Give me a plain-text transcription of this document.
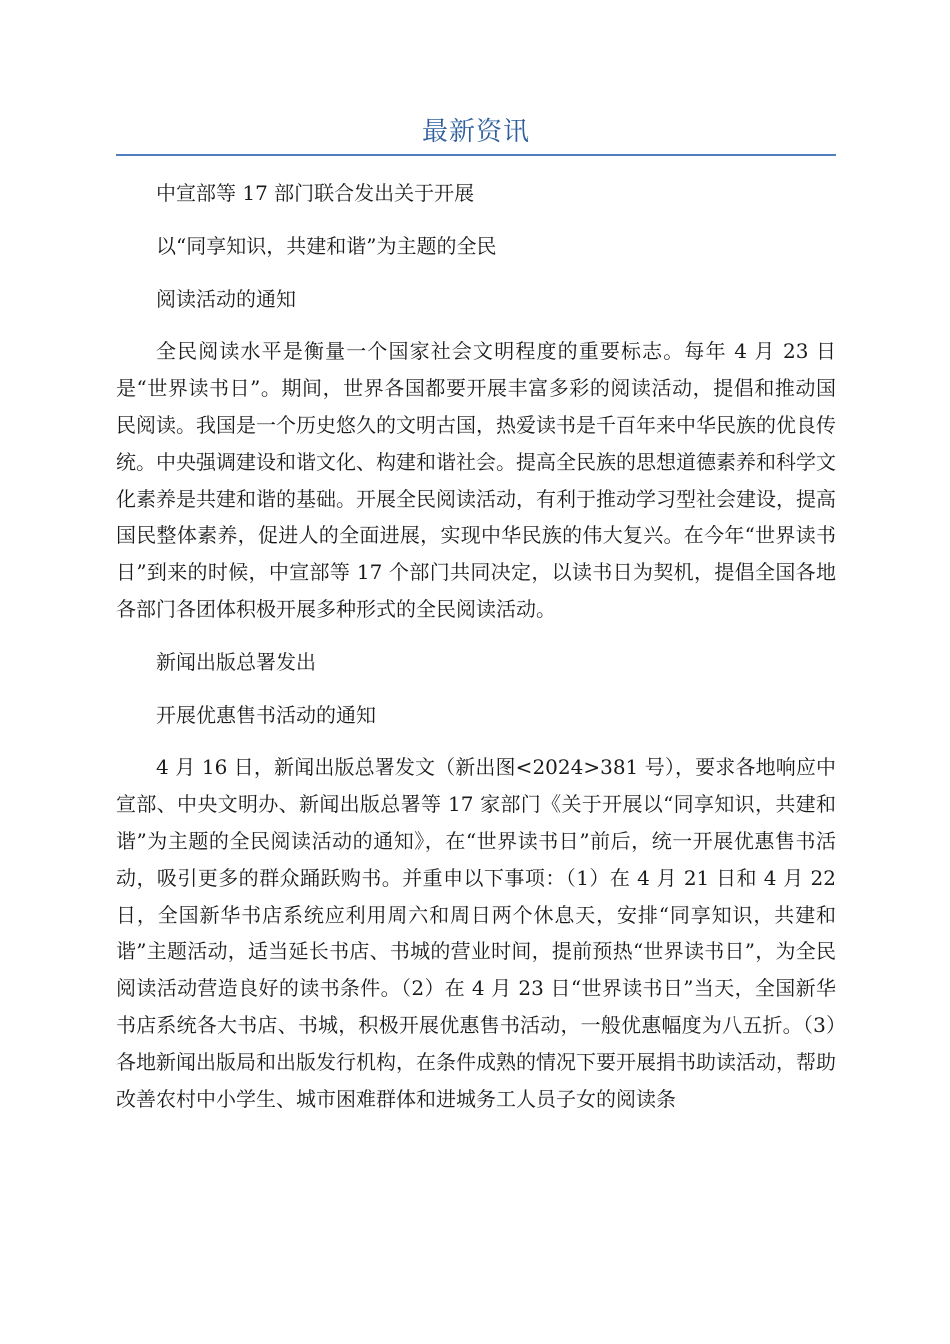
最新资讯

中宣部等 17 部门联合发出关于开展

以“同享知识，共建和谐”为主题的全民

阅读活动的通知

全民阅读水平是衡量一个国家社会文明程度的重要标志。每年 4 月 23 日是“世界读书日”。期间，世界各国都要开展丰富多彩的阅读活动，提倡和推动国民阅读。我国是一个历史悠久的文明古国，热爱读书是千百年来中华民族的优良传统。中央强调建设和谐文化、构建和谐社会。提高全民族的思想道德素养和科学文化素养是共建和谐的基础。开展全民阅读活动，有利于推动学习型社会建设，提高国民整体素养，促进人的全面进展，实现中华民族的伟大复兴。在今年“世界读书日”到来的时候，中宣部等 17 个部门共同决定，以读书日为契机，提倡全国各地各部门各团体积极开展多种形式的全民阅读活动。

新闻出版总署发出

开展优惠售书活动的通知

4 月 16 日，新闻出版总署发文（新出图<2024>381 号），要求各地响应中宣部、中央文明办、新闻出版总署等 17 家部门《关于开展以“同享知识，共建和谐”为主题的全民阅读活动的通知》，在“世界读书日”前后，统一开展优惠售书活动，吸引更多的群众踊跃购书。并重申以下事项：（1）在 4 月 21 日和 4 月 22 日，全国新华书店系统应利用周六和周日两个休息天，安排“同享知识，共建和谐”主题活动，适当延长书店、书城的营业时间，提前预热“世界读书日”，为全民阅读活动营造良好的读书条件。（2）在 4 月 23 日“世界读书日”当天，全国新华书店系统各大书店、书城，积极开展优惠售书活动，一般优惠幅度为八五折。（3）各地新闻出版局和出版发行机构，在条件成熟的情况下要开展捐书助读活动，帮助改善农村中小学生、城市困难群体和进城务工人员子女的阅读条
